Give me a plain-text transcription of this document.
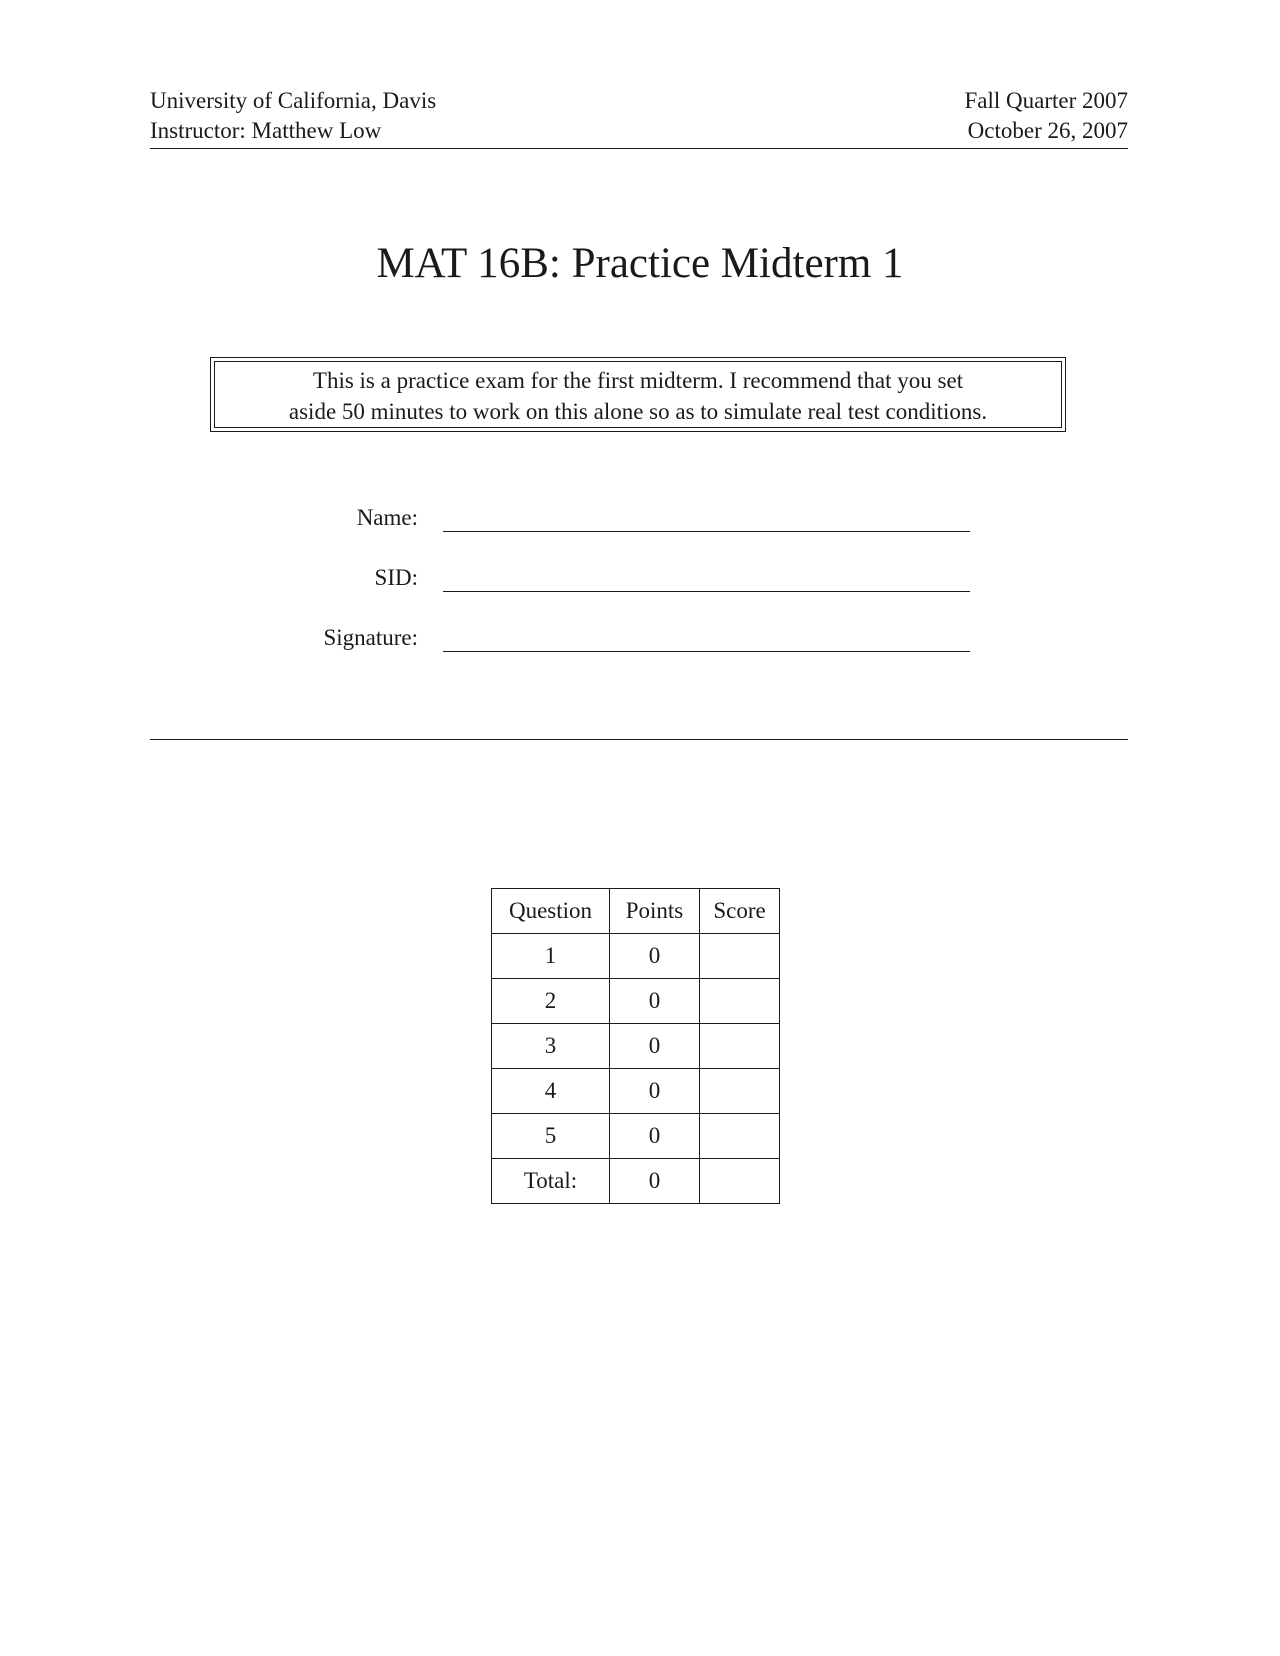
University of California, Davis
Instructor: Matthew Low
Fall Quarter 2007
October 26, 2007
MAT 16B: Practice Midterm 1
This is a practice exam for the first midterm. I recommend that you set
aside 50 minutes to work on this alone so as to simulate real test conditions.
Name:
SID:
Signature:
Question	Points	Score
1	0	
2	0	
3	0	
4	0	
5	0	
Total:	0	
